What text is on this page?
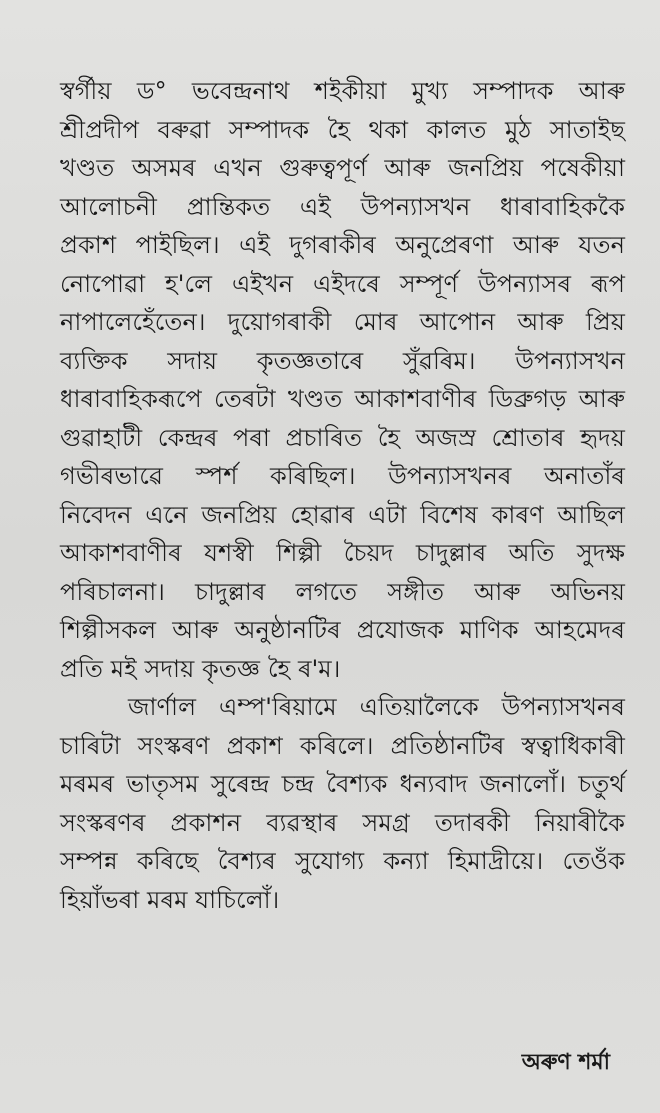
স্বৰ্গীয় ড° ভবেন্দ্ৰনাথ শইকীয়া মুখ্য সম্পাদক আৰু
শ্ৰীপ্ৰদীপ বৰুৱা সম্পাদক হৈ থকা কালত মুঠ সাতাইছ
খণ্ডত অসমৰ এখন গুৰুত্বপূৰ্ণ আৰু জনপ্ৰিয় পষেকীয়া
আলোচনী প্ৰান্তিকত এই উপন্যাসখন ধাৰাবাহিককৈ
প্ৰকাশ পাইছিল। এই দুগৰাকীৰ অনুপ্ৰেৰণা আৰু যতন
নোপোৱা হ'লে এইখন এইদৰে সম্পূৰ্ণ উপন্যাসৰ ৰূপ
নাপালেহেঁতেন। দুয়োগৰাকী মোৰ আপোন আৰু প্ৰিয়
ব্যক্তিক সদায় কৃতজ্ঞতাৰে সুঁৱৰিম। উপন্যাসখন
ধাৰাবাহিকৰূপে তেৰটা খণ্ডত আকাশবাণীৰ ডিব্ৰুগড় আৰু
গুৱাহাটী কেন্দ্ৰৰ পৰা প্ৰচাৰিত হৈ অজস্ৰ শ্ৰোতাৰ হৃদয়
গভীৰভাৱে স্পৰ্শ কৰিছিল। উপন্যাসখনৰ অনাতাঁৰ
নিবেদন এনে জনপ্ৰিয় হোৱাৰ এটা বিশেষ কাৰণ আছিল
আকাশবাণীৰ যশস্বী শিল্পী চৈয়দ চাদুল্লাৰ অতি সুদক্ষ
পৰিচালনা। চাদুল্লাৰ লগতে সঙ্গীত আৰু অভিনয়
শিল্পীসকল আৰু অনুষ্ঠানটিৰ প্ৰযোজক মাণিক আহমেদৰ
প্ৰতি মই সদায় কৃতজ্ঞ হৈ ৰ'ম।
জাৰ্ণাল এম্প'ৰিয়ামে এতিয়ালৈকে উপন্যাসখনৰ
চাৰিটা সংস্কৰণ প্ৰকাশ কৰিলে। প্ৰতিষ্ঠানটিৰ স্বত্বাধিকাৰী
মৰমৰ ভাতৃসম সুৰেন্দ্ৰ চন্দ্ৰ বৈশ্যক ধন্যবাদ জনালোঁ। চতুৰ্থ
সংস্কৰণৰ প্ৰকাশন ব্যৱস্থাৰ সমগ্ৰ তদাৰকী নিয়াৰীকৈ
সম্পন্ন কৰিছে বৈশ্যৰ সুযোগ্য কন্যা হিমাদ্ৰীয়ে। তেওঁক
হিয়াঁভৰা মৰম যাচিলোঁ।
অৰুণ শৰ্মা
